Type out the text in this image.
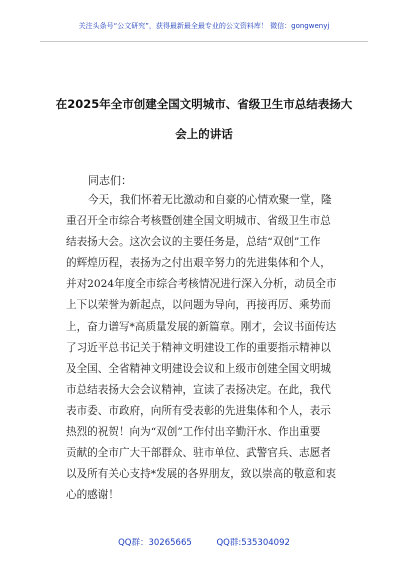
关注头条号“公文研究”，获得最新最全最专业的公文资料库！ 微信：gongwenyj
在2025年全市创建全国文明城市、省级卫生市总结表扬大
会上的讲话
同志们：
今天，我们怀着无比激动和自豪的心情欢聚一堂，隆
重召开全市综合考核暨创建全国文明城市、省级卫生市总
结表扬大会。这次会议的主要任务是，总结“双创”工作
的辉煌历程，表扬为之付出艰辛努力的先进集体和个人，
并对2024年度全市综合考核情况进行深入分析，动员全市
上下以荣誉为新起点，以问题为导向，再接再厉、乘势而
上，奋力谱写*高质量发展的新篇章。刚才，会议书面传达
了习近平总书记关于精神文明建设工作的重要指示精神以
及全国、全省精神文明建设会议和上级市创建全国文明城
市总结表扬大会会议精神，宣读了表扬决定。在此，我代
表市委、市政府，向所有受表彰的先进集体和个人，表示
热烈的祝贺！向为“双创”工作付出辛勤汗水、作出重要
贡献的全市广大干部群众、驻市单位、武警官兵、志愿者
以及所有关心支持*发展的各界朋友，致以崇高的敬意和衷
心的感谢！
QQ群：30265665	QQ群:535304092
